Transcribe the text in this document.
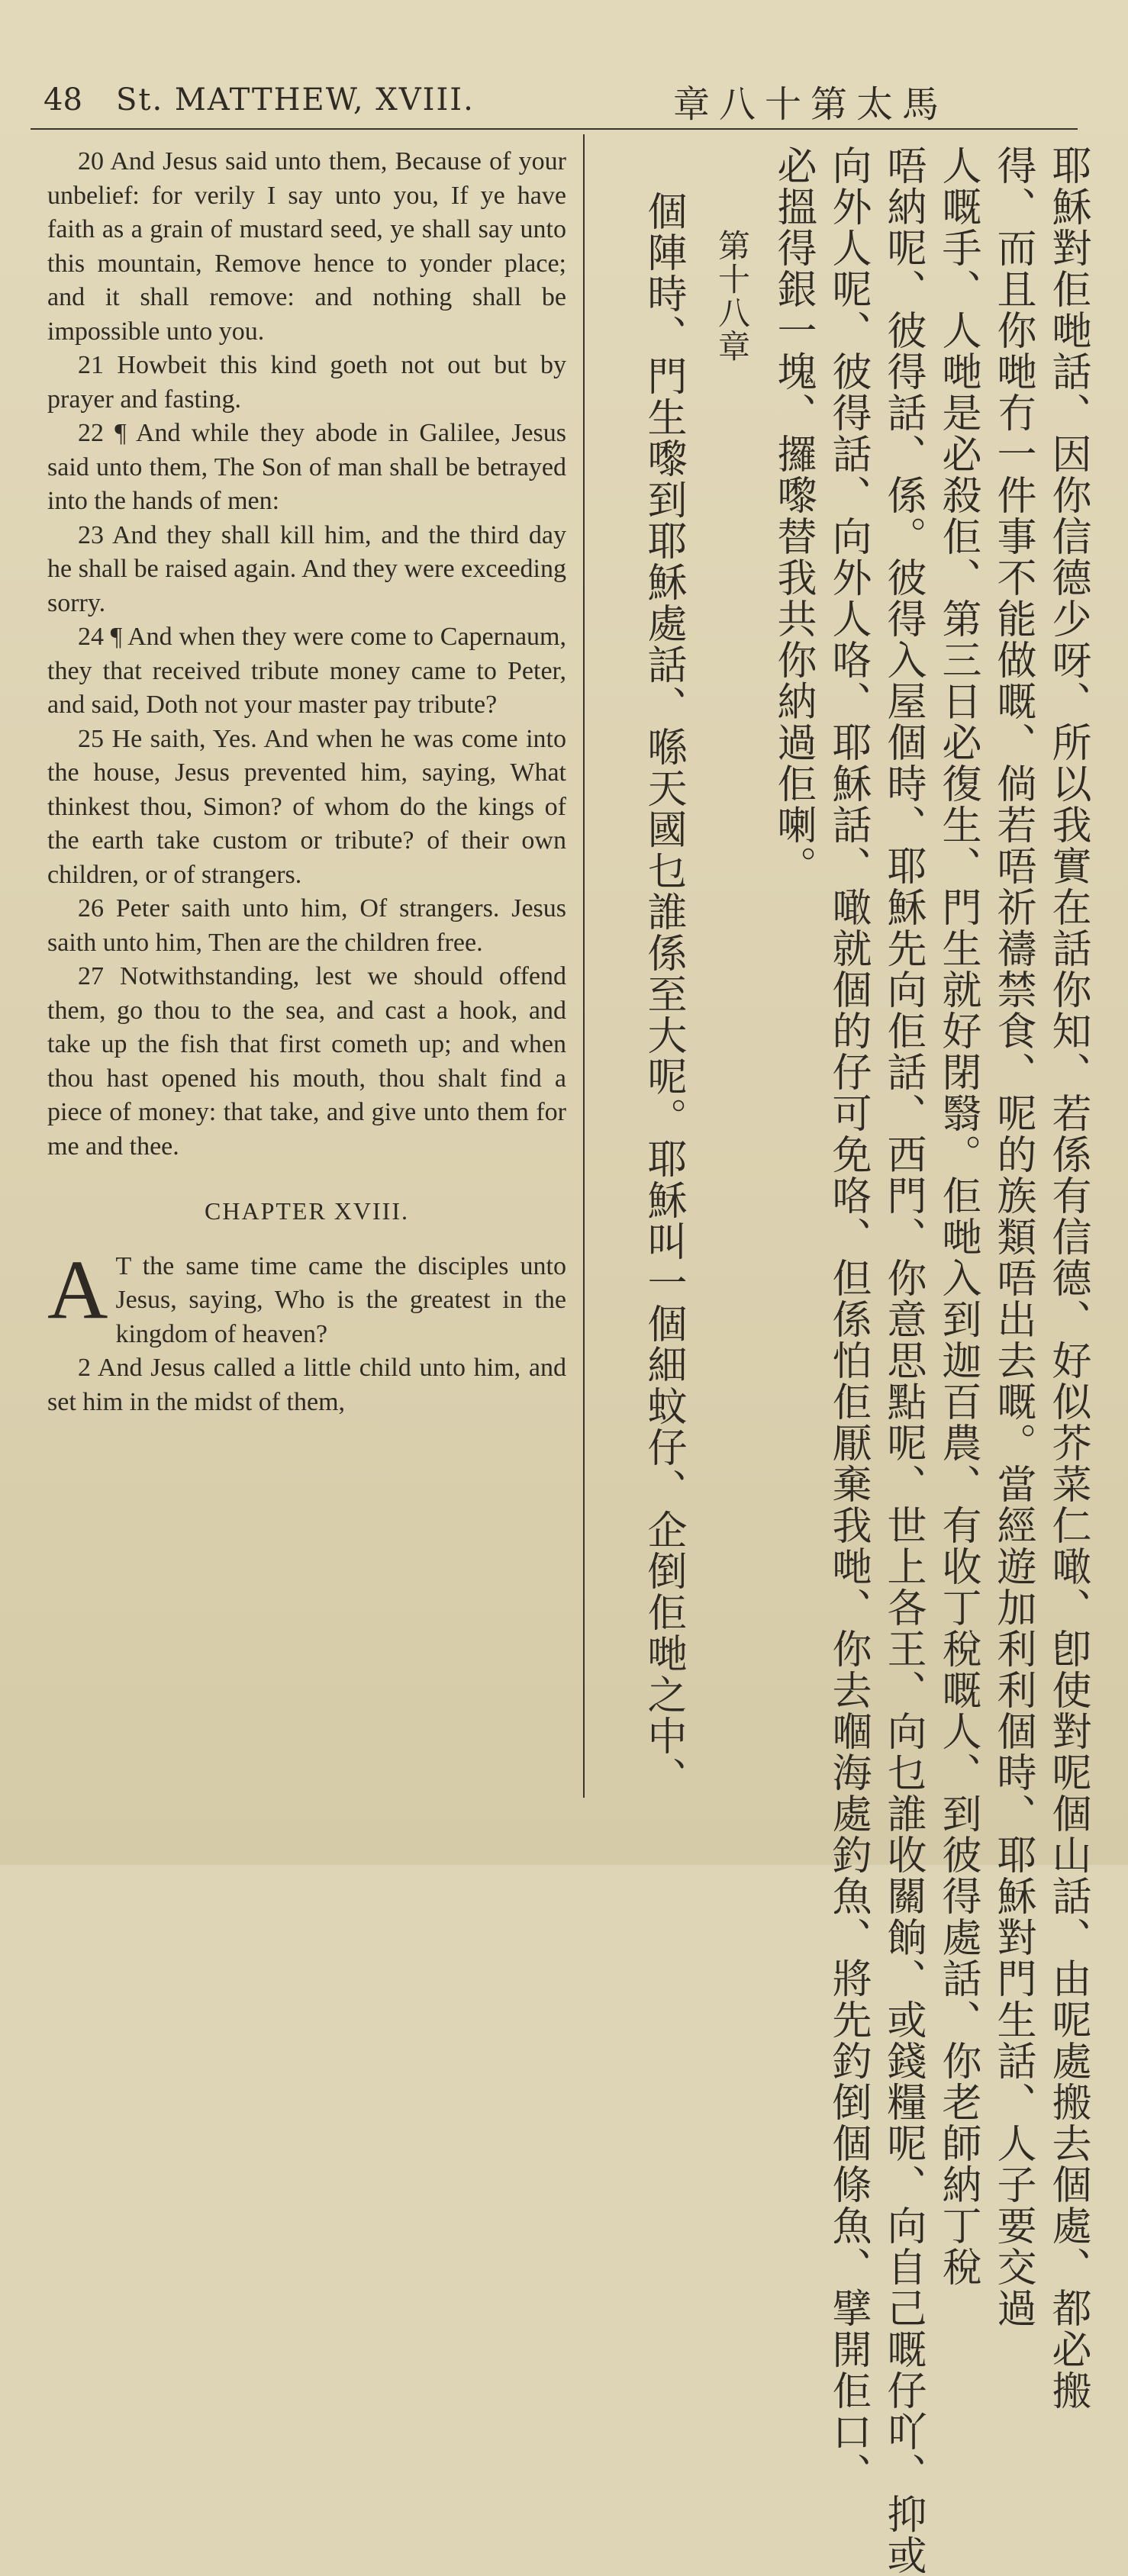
48 St. MATTHEW, XVIII.	章八十第太馬

20 And Jesus said unto them, Because of your unbelief: for verily I say unto you, If ye have faith as a grain of mustard seed, ye shall say unto this mountain, Remove hence to yonder place; and it shall remove: and nothing shall be impossible unto you.

21 Howbeit this kind goeth not out but by prayer and fasting.

22 ¶ And while they abode in Galilee, Jesus said unto them, The Son of man shall be betrayed into the hands of men:

23 And they shall kill him, and the third day he shall be raised again. And they were exceeding sorry.

24 ¶ And when they were come to Capernaum, they that received tribute money came to Peter, and said, Doth not your master pay tribute?

25 He saith, Yes. And when he was come into the house, Jesus prevented him, saying, What thinkest thou, Simon? of whom do the kings of the earth take custom or tribute? of their own children, or of strangers.

26 Peter saith unto him, Of strangers. Jesus saith unto him, Then are the children free.

27 Notwithstanding, lest we should offend them, go thou to the sea, and cast a hook, and take up the fish that first cometh up; and when thou hast opened his mouth, thou shalt find a piece of money: that take, and give unto them for me and thee.

CHAPTER XVIII.

A T the same time came the disciples unto Jesus, saying, Who is the greatest in the kingdom of heaven?

2 And Jesus called a little child unto him, and set him in the midst of them,	耶穌對佢哋話、因你信德少呀、所以我實在話你知、若係有信德、好似芥菜仁噉、卽使對呢個山話、由呢處搬去個處、都必搬
得、而且你哋冇一件事不能做嘅、倘若唔祈禱禁食、呢的族類唔出去嘅。當經遊加利利個時、耶穌對門生話、人子要交過
人嘅手、人哋是必殺佢、第三日必復生、門生就好閉翳。佢哋入到迦百農、有收丁稅嘅人、到彼得處話、你老師納丁稅
唔納呢、彼得話、係。彼得入屋個時、耶穌先向佢話、西門、你意思點呢、世上各王、向乜誰收關餉、或錢糧呢、向自己嘅仔吖、抑或
向外人呢、彼得話、向外人咯、耶穌話、噉就個的仔可免咯、但係怕佢厭棄我哋、你去嗰海處釣魚、將先釣倒個條魚、擘開佢口、
必搵得銀一塊、攞嚟替我共你納過佢喇。
第十八章
個陣時、門生嚟到耶穌處話、喺天國乜誰係至大呢。耶穌叫一個細蚊仔、企倒佢哋之中、
